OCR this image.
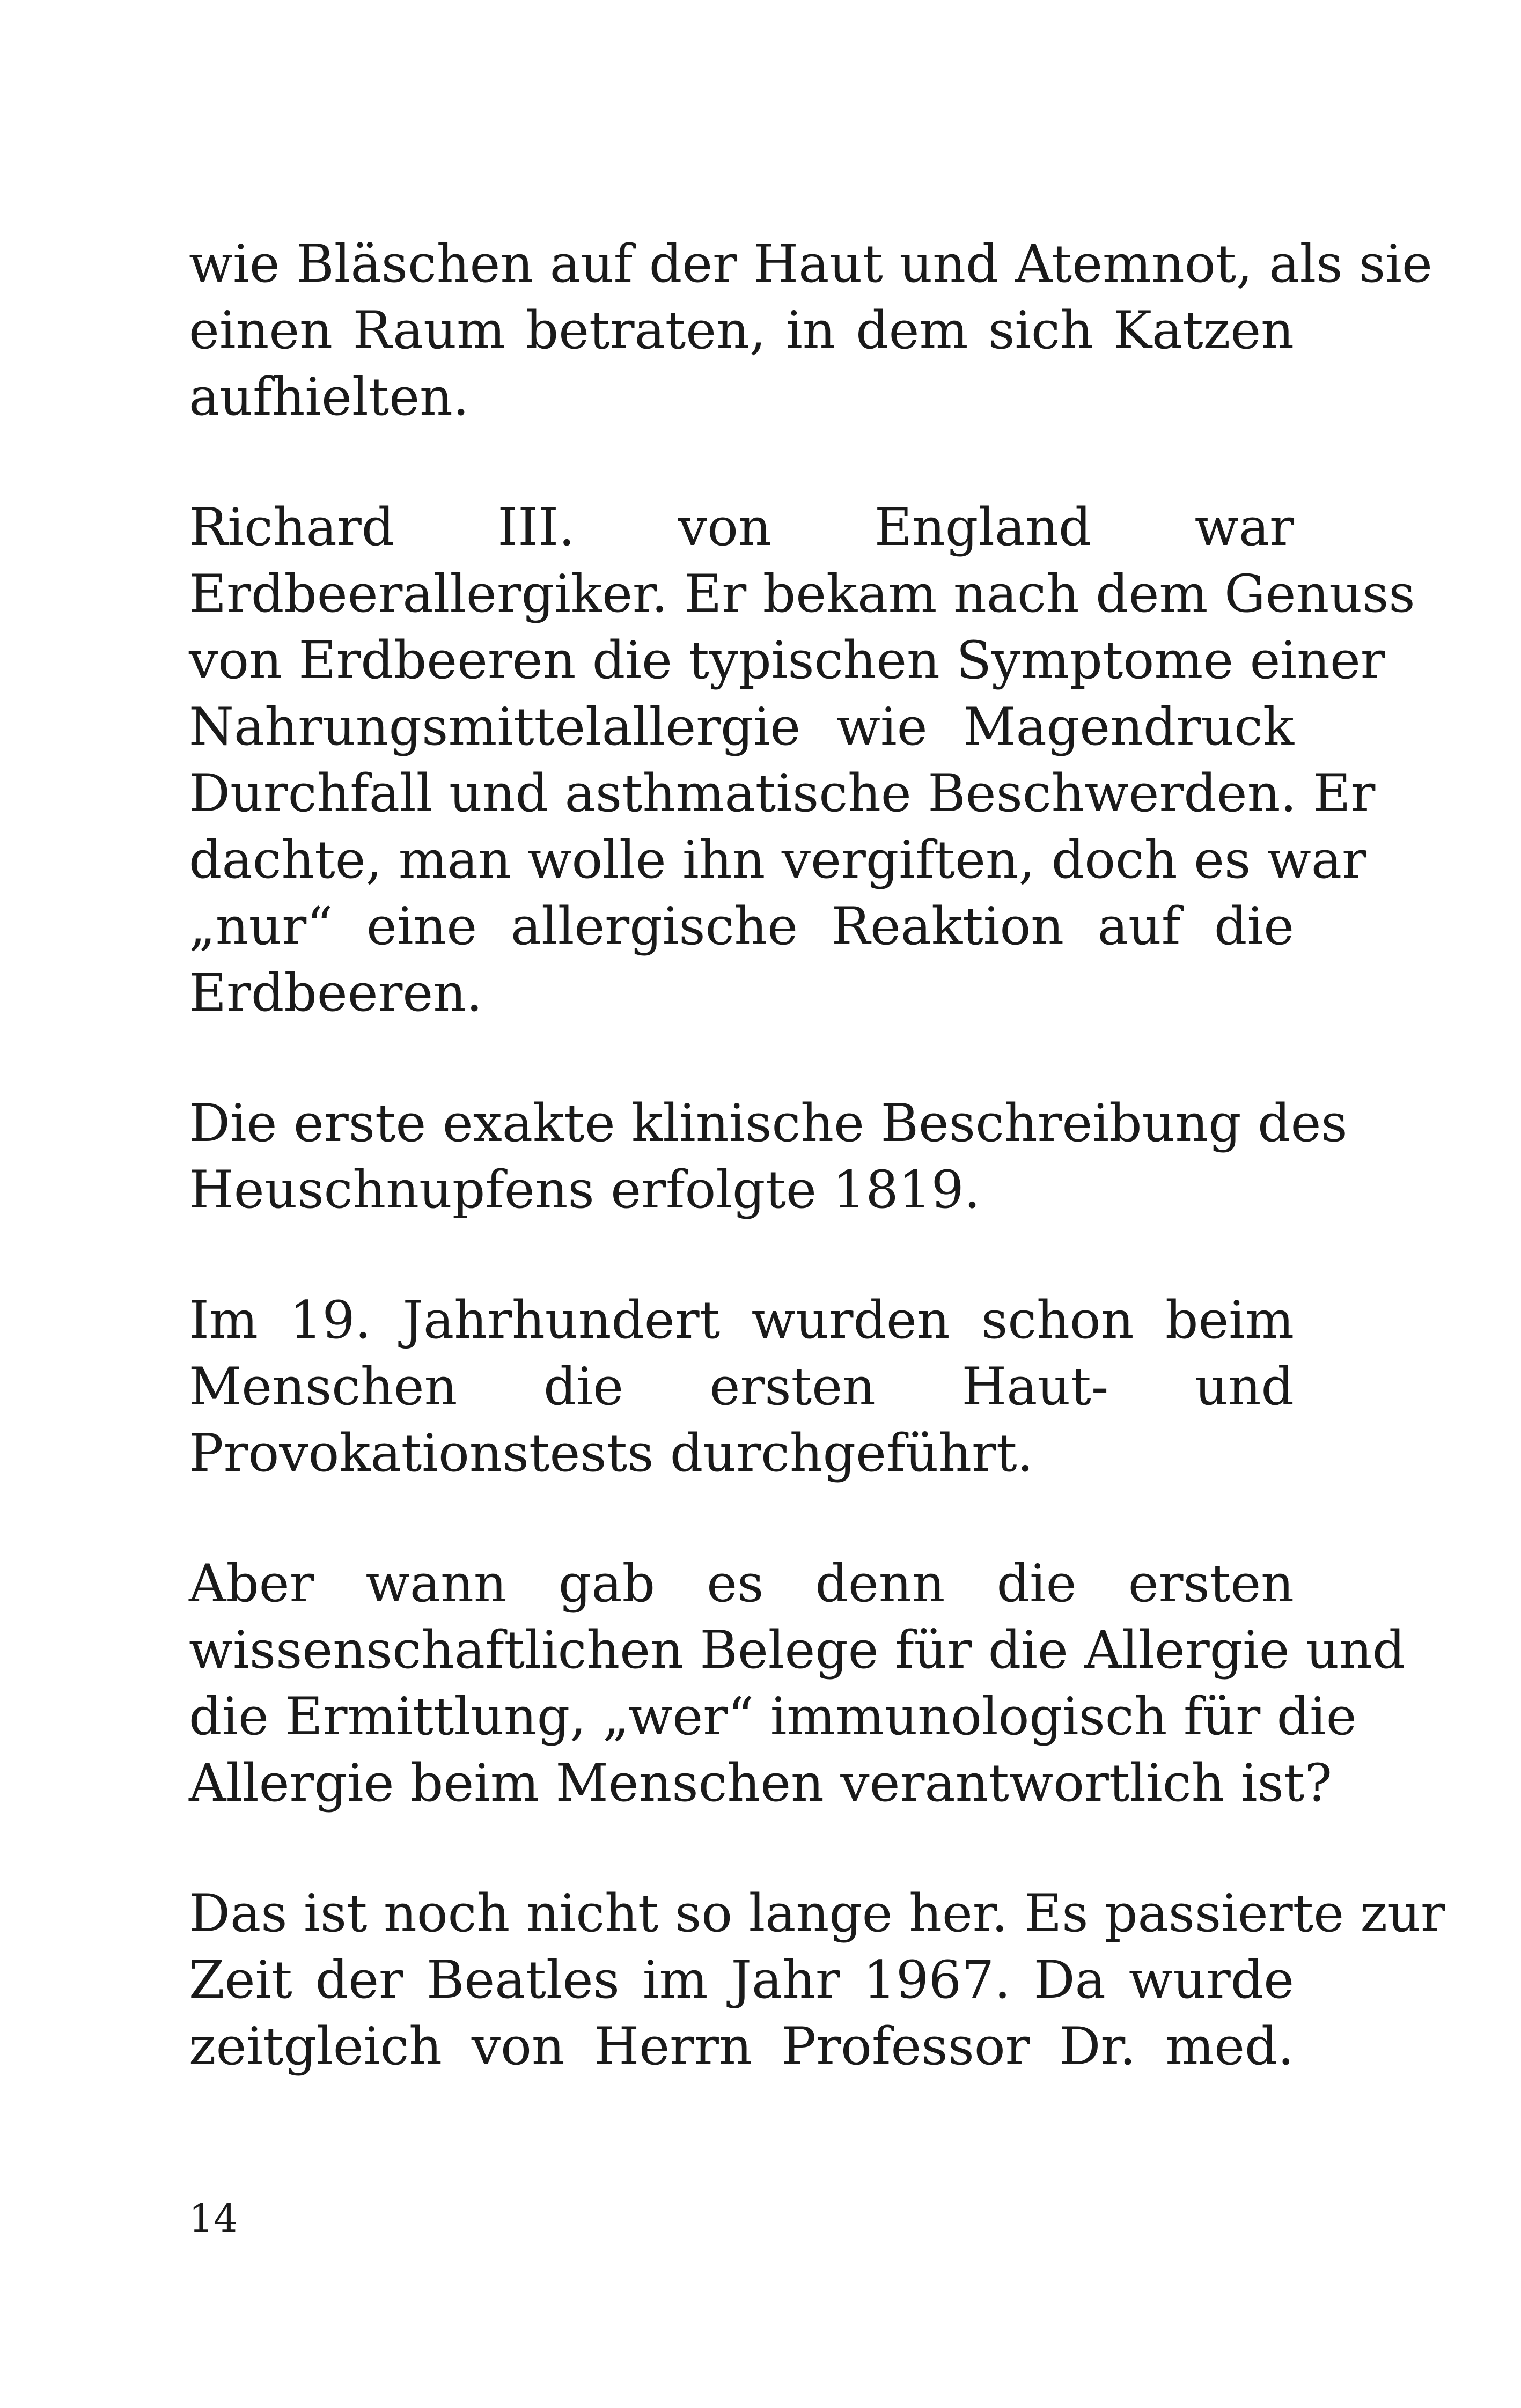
wie Bläschen auf der Haut und Atemnot, als sie
einen Raum betraten, in dem sich Katzen
aufhielten.

Richard III. von England war
Erdbeerallergiker. Er bekam nach dem Genuss
von Erdbeeren die typischen Symptome einer
Nahrungsmittelallergie wie Magendruck
Durchfall und asthmatische Beschwerden. Er
dachte, man wolle ihn vergiften, doch es war
„nur“ eine allergische Reaktion auf die
Erdbeeren.

Die erste exakte klinische Beschreibung des
Heuschnupfens erfolgte 1819.

Im 19. Jahrhundert wurden schon beim
Menschen die ersten Haut- und
Provokationstests durchgeführt.

Aber wann gab es denn die ersten
wissenschaftlichen Belege für die Allergie und
die Ermittlung, „wer“ immunologisch für die
Allergie beim Menschen verantwortlich ist?

Das ist noch nicht so lange her. Es passierte zur
Zeit der Beatles im Jahr 1967. Da wurde
zeitgleich von Herrn Professor Dr. med.

14
